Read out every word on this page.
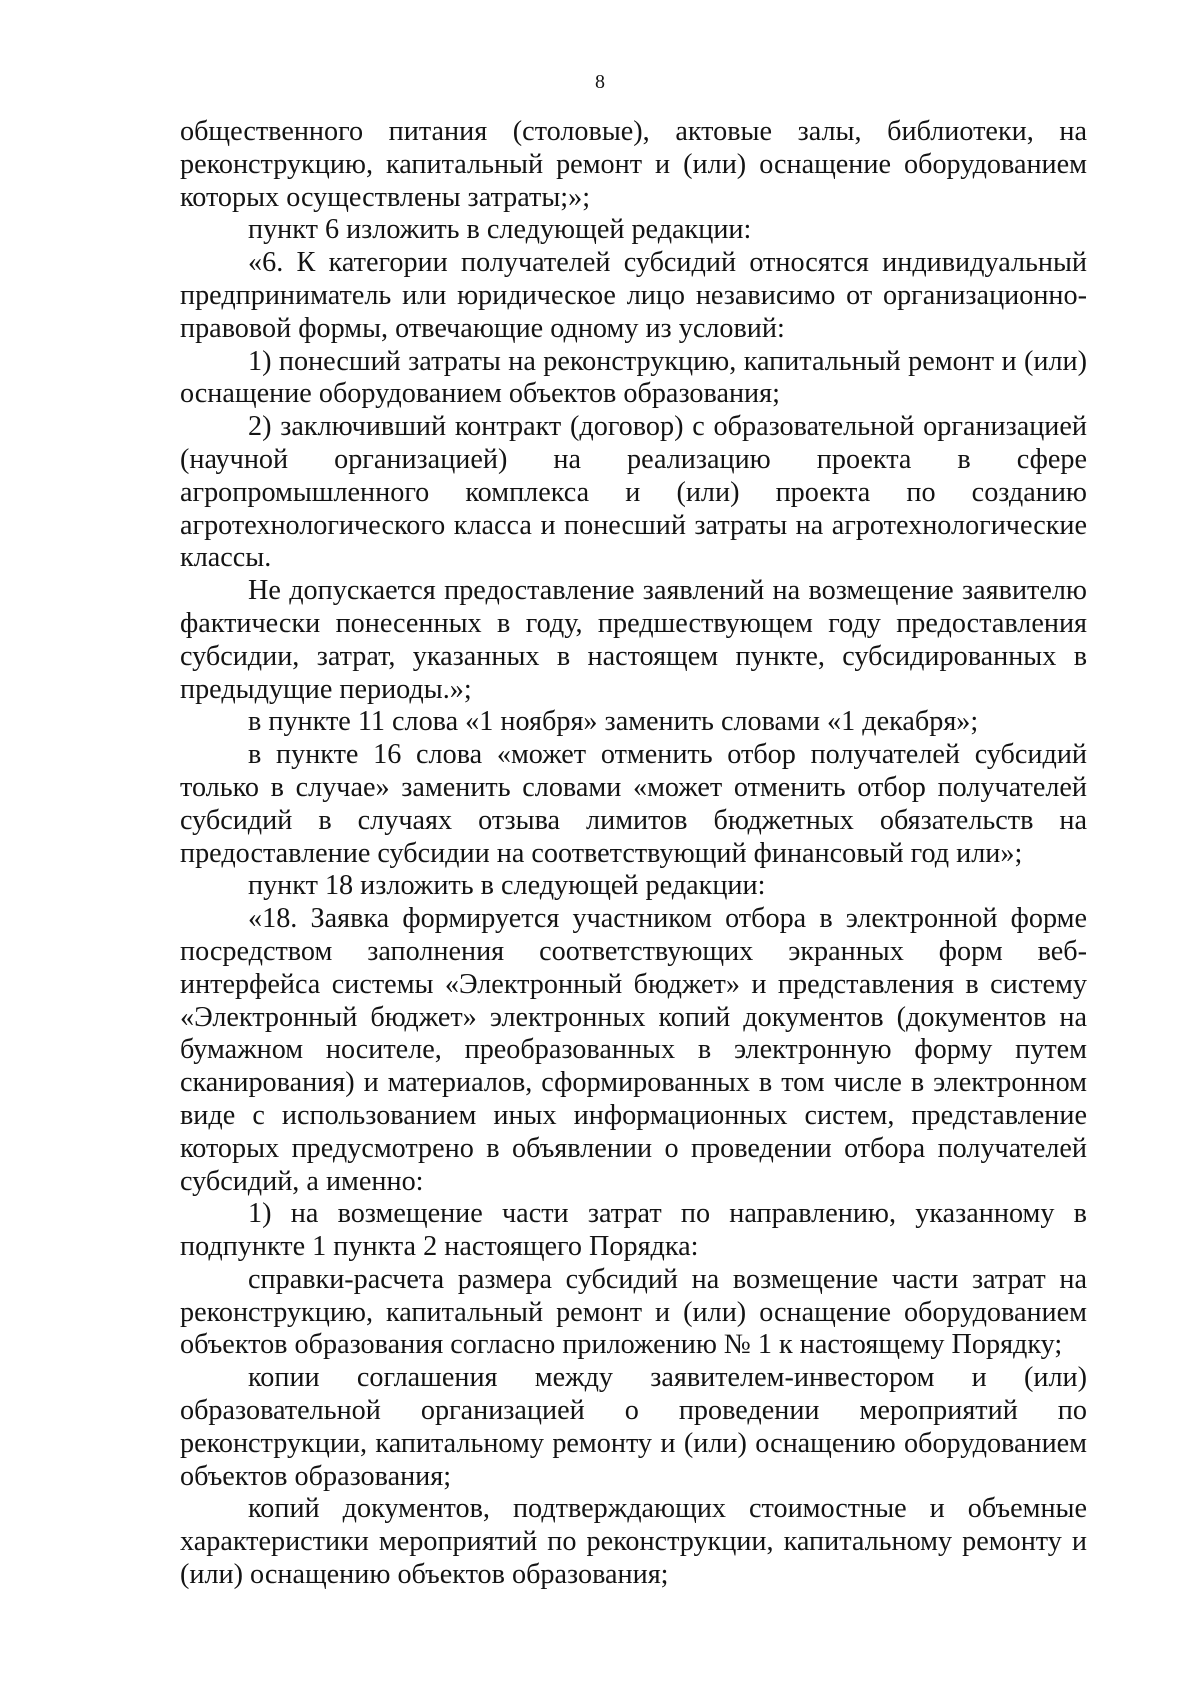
8

общественного питания (столовые), актовые залы, библиотеки, на реконструкцию, капитальный ремонт и (или) оснащение оборудованием которых осуществлены затраты;»;

пункт 6 изложить в следующей редакции:

«6. К категории получателей субсидий относятся индивидуальный предприниматель или юридическое лицо независимо от организационно-правовой формы, отвечающие одному из условий:

1) понесший затраты на реконструкцию, капитальный ремонт и (или) оснащение оборудованием объектов образования;

2) заключивший контракт (договор) с образовательной организацией (научной организацией) на реализацию проекта в сфере агропромышленного комплекса и (или) проекта по созданию агротехнологического класса и понесший затраты на агротехнологические классы.

Не допускается предоставление заявлений на возмещение заявителю фактически понесенных в году, предшествующем году предоставления субсидии, затрат, указанных в настоящем пункте, субсидированных в предыдущие периоды.»;

в пункте 11 слова «1 ноября» заменить словами «1 декабря»;

в пункте 16 слова «может отменить отбор получателей субсидий только в случае» заменить словами «может отменить отбор получателей субсидий в случаях отзыва лимитов бюджетных обязательств на предоставление субсидии на соответствующий финансовый год или»;

пункт 18 изложить в следующей редакции:

«18. Заявка формируется участником отбора в электронной форме посредством заполнения соответствующих экранных форм веб-интерфейса системы «Электронный бюджет» и представления в систему «Электронный бюджет» электронных копий документов (документов на бумажном носителе, преобразованных в электронную форму путем сканирования) и материалов, сформированных в том числе в электронном виде с использованием иных информационных систем, представление которых предусмотрено в объявлении о проведении отбора получателей субсидий, а именно:

1) на возмещение части затрат по направлению, указанному в подпункте 1 пункта 2 настоящего Порядка:

справки-расчета размера субсидий на возмещение части затрат на реконструкцию, капитальный ремонт и (или) оснащение оборудованием объектов образования согласно приложению № 1 к настоящему Порядку;

копии соглашения между заявителем-инвестором и (или) образовательной организацией о проведении мероприятий по реконструкции, капитальному ремонту и (или) оснащению оборудованием объектов образования;

копий документов, подтверждающих стоимостные и объемные характеристики мероприятий по реконструкции, капитальному ремонту и (или) оснащению объектов образования;
